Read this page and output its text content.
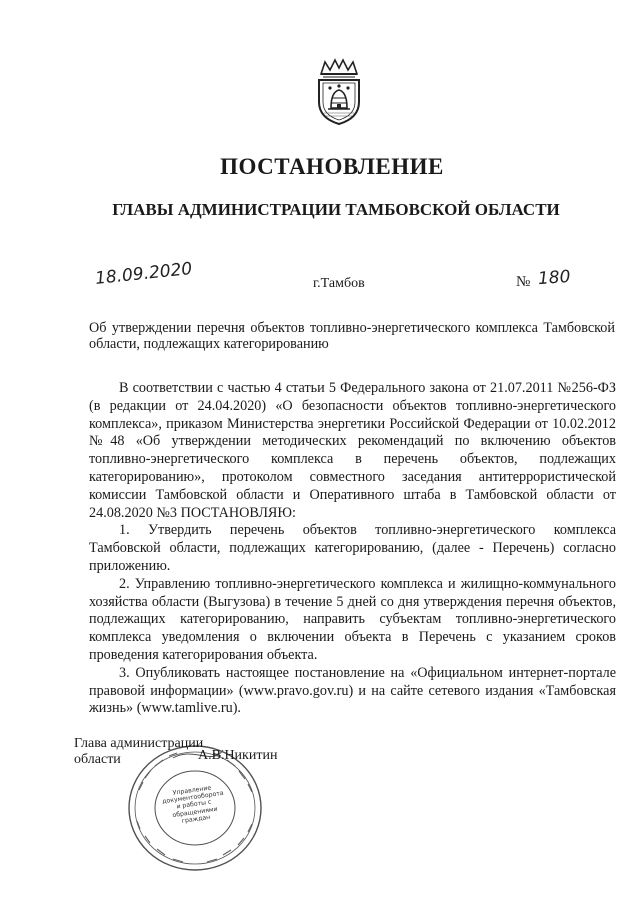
ПОСТАНОВЛЕНИЕ
ГЛАВЫ АДМИНИСТРАЦИИ ТАМБОВСКОЙ ОБЛАСТИ
18.09.2020	г.Тамбов	№ 180
Об утверждении перечня объектов топливно-энергетического комплекса Тамбовской области, подлежащих категорированию

В соответствии с частью 4 статьи 5 Федерального закона от 21.07.2011 №256-ФЗ (в редакции от 24.04.2020) «О безопасности объектов топливно-энергетического комплекса», приказом Министерства энергетики Российской Федерации от 10.02.2012 №48 «Об утверждении методических рекомендаций по включению объектов топливно-энергетического комплекса в перечень объектов, подлежащих категорированию», протоколом совместного заседания антитеррористической комиссии Тамбовской области и Оперативного штаба в Тамбовской области от 24.08.2020 №3 ПОСТАНОВЛЯЮ:

1. Утвердить перечень объектов топливно-энергетического комплекса Тамбовской области, подлежащих категорированию, (далее - Перечень) согласно приложению.

2. Управлению топливно-энергетического комплекса и жилищно-коммунального хозяйства области (Выгузова) в течение 5 дней со дня утверждения перечня объектов, подлежащих категорированию, направить субъектам топливно-энергетического комплекса уведомления о включении объекта в Перечень с указанием сроков проведения категорирования объекта.

3. Опубликовать настоящее постановление на «Официальном интернет-портале правовой информации» (www.pravo.gov.ru) и на сайте сетевого издания «Тамбовская жизнь» (www.tamlive.ru).

Управление документооборота и работы с обращениями граждан
Глава администрации
области	А.В.Никитин
